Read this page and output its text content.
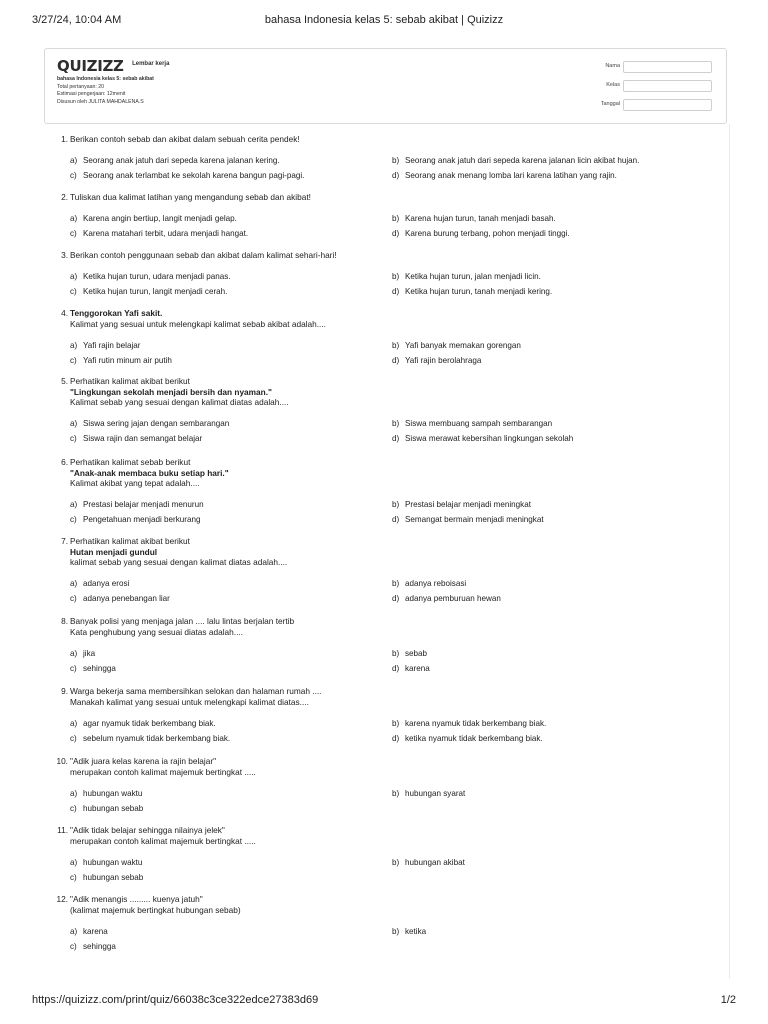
3/27/24, 10:04 AM	bahasa Indonesia kelas 5: sebab akibat | Quizizz
QUIZIZZ $^{Lembar kerja}$
bahasa Indonesia kelas 5: sebab akibat
Total pertanyaan: 20
Estimasi pengerjaan: 12menit
Disusun oleh JULITA MAHDALENA.S
Nama
Kelas
Tanggal
1. Berikan contoh sebab dan akibat dalam sebuah cerita pendek!
a) Seorang anak jatuh dari sepeda karena jalanan kering.	b) Seorang anak jatuh dari sepeda karena jalanan licin akibat hujan.
c) Seorang anak terlambat ke sekolah karena bangun pagi-pagi.	d) Seorang anak menang lomba lari karena latihan yang rajin.
2. Tuliskan dua kalimat latihan yang mengandung sebab dan akibat!
a) Karena angin bertiup, langit menjadi gelap.	b) Karena hujan turun, tanah menjadi basah.
c) Karena matahari terbit, udara menjadi hangat.	d) Karena burung terbang, pohon menjadi tinggi.
3. Berikan contoh penggunaan sebab dan akibat dalam kalimat sehari-hari!
a) Ketika hujan turun, udara menjadi panas.	b) Ketika hujan turun, jalan menjadi licin.
c) Ketika hujan turun, langit menjadi cerah.	d) Ketika hujan turun, tanah menjadi kering.
4. Tenggorokan Yafi sakit.
Kalimat yang sesuai untuk melengkapi kalimat sebab akibat adalah....
a) Yafi rajin belajar	b) Yafi banyak memakan gorengan
c) Yafi rutin minum air putih	d) Yafi rajin berolahraga
5. Perhatikan kalimat akibat berikut
"Lingkungan sekolah menjadi bersih dan nyaman."
Kalimat sebab yang sesuai dengan kalimat diatas adalah....
a) Siswa sering jajan dengan sembarangan	b) Siswa membuang sampah sembarangan
c) Siswa rajin dan semangat belajar	d) Siswa merawat kebersihan lingkungan sekolah
6. Perhatikan kalimat sebab berikut
"Anak-anak membaca buku setiap hari."
Kalimat akibat yang tepat adalah....
a) Prestasi belajar menjadi menurun	b) Prestasi belajar menjadi meningkat
c) Pengetahuan menjadi berkurang	d) Semangat bermain menjadi meningkat
7. Perhatikan kalimat akibat berikut
Hutan menjadi gundul
kalimat sebab yang sesuai dengan kalimat diatas adalah....
a) adanya erosi	b) adanya reboisasi
c) adanya penebangan liar	d) adanya pemburuan hewan
8. Banyak polisi yang menjaga jalan .... lalu lintas berjalan tertib
Kata penghubung yang sesuai diatas adalah....
a) jika	b) sebab
c) sehingga	d) karena
9. Warga bekerja sama membersihkan selokan dan halaman rumah ....
Manakah kalimat yang sesuai untuk melengkapi kalimat diatas....
a) agar nyamuk tidak berkembang biak.	b) karena nyamuk tidak berkembang biak.
c) sebelum nyamuk tidak berkembang biak.	d) ketika nyamuk tidak berkembang biak.
10. "Adik juara kelas karena ia rajin belajar"
merupakan contoh kalimat majemuk bertingkat .....
a) hubungan waktu	b) hubungan syarat
c) hubungan sebab
11. "Adik tidak belajar sehingga nilainya jelek"
merupakan contoh kalimat majemuk bertingkat .....
a) hubungan waktu	b) hubungan akibat
c) hubungan sebab
12. "Adik menangis ......... kuenya jatuh"
(kalimat majemuk bertingkat hubungan sebab)
a) karena	b) ketika
c) sehingga
https://quizizz.com/print/quiz/66038c3ce322edce27383d69	1/2
